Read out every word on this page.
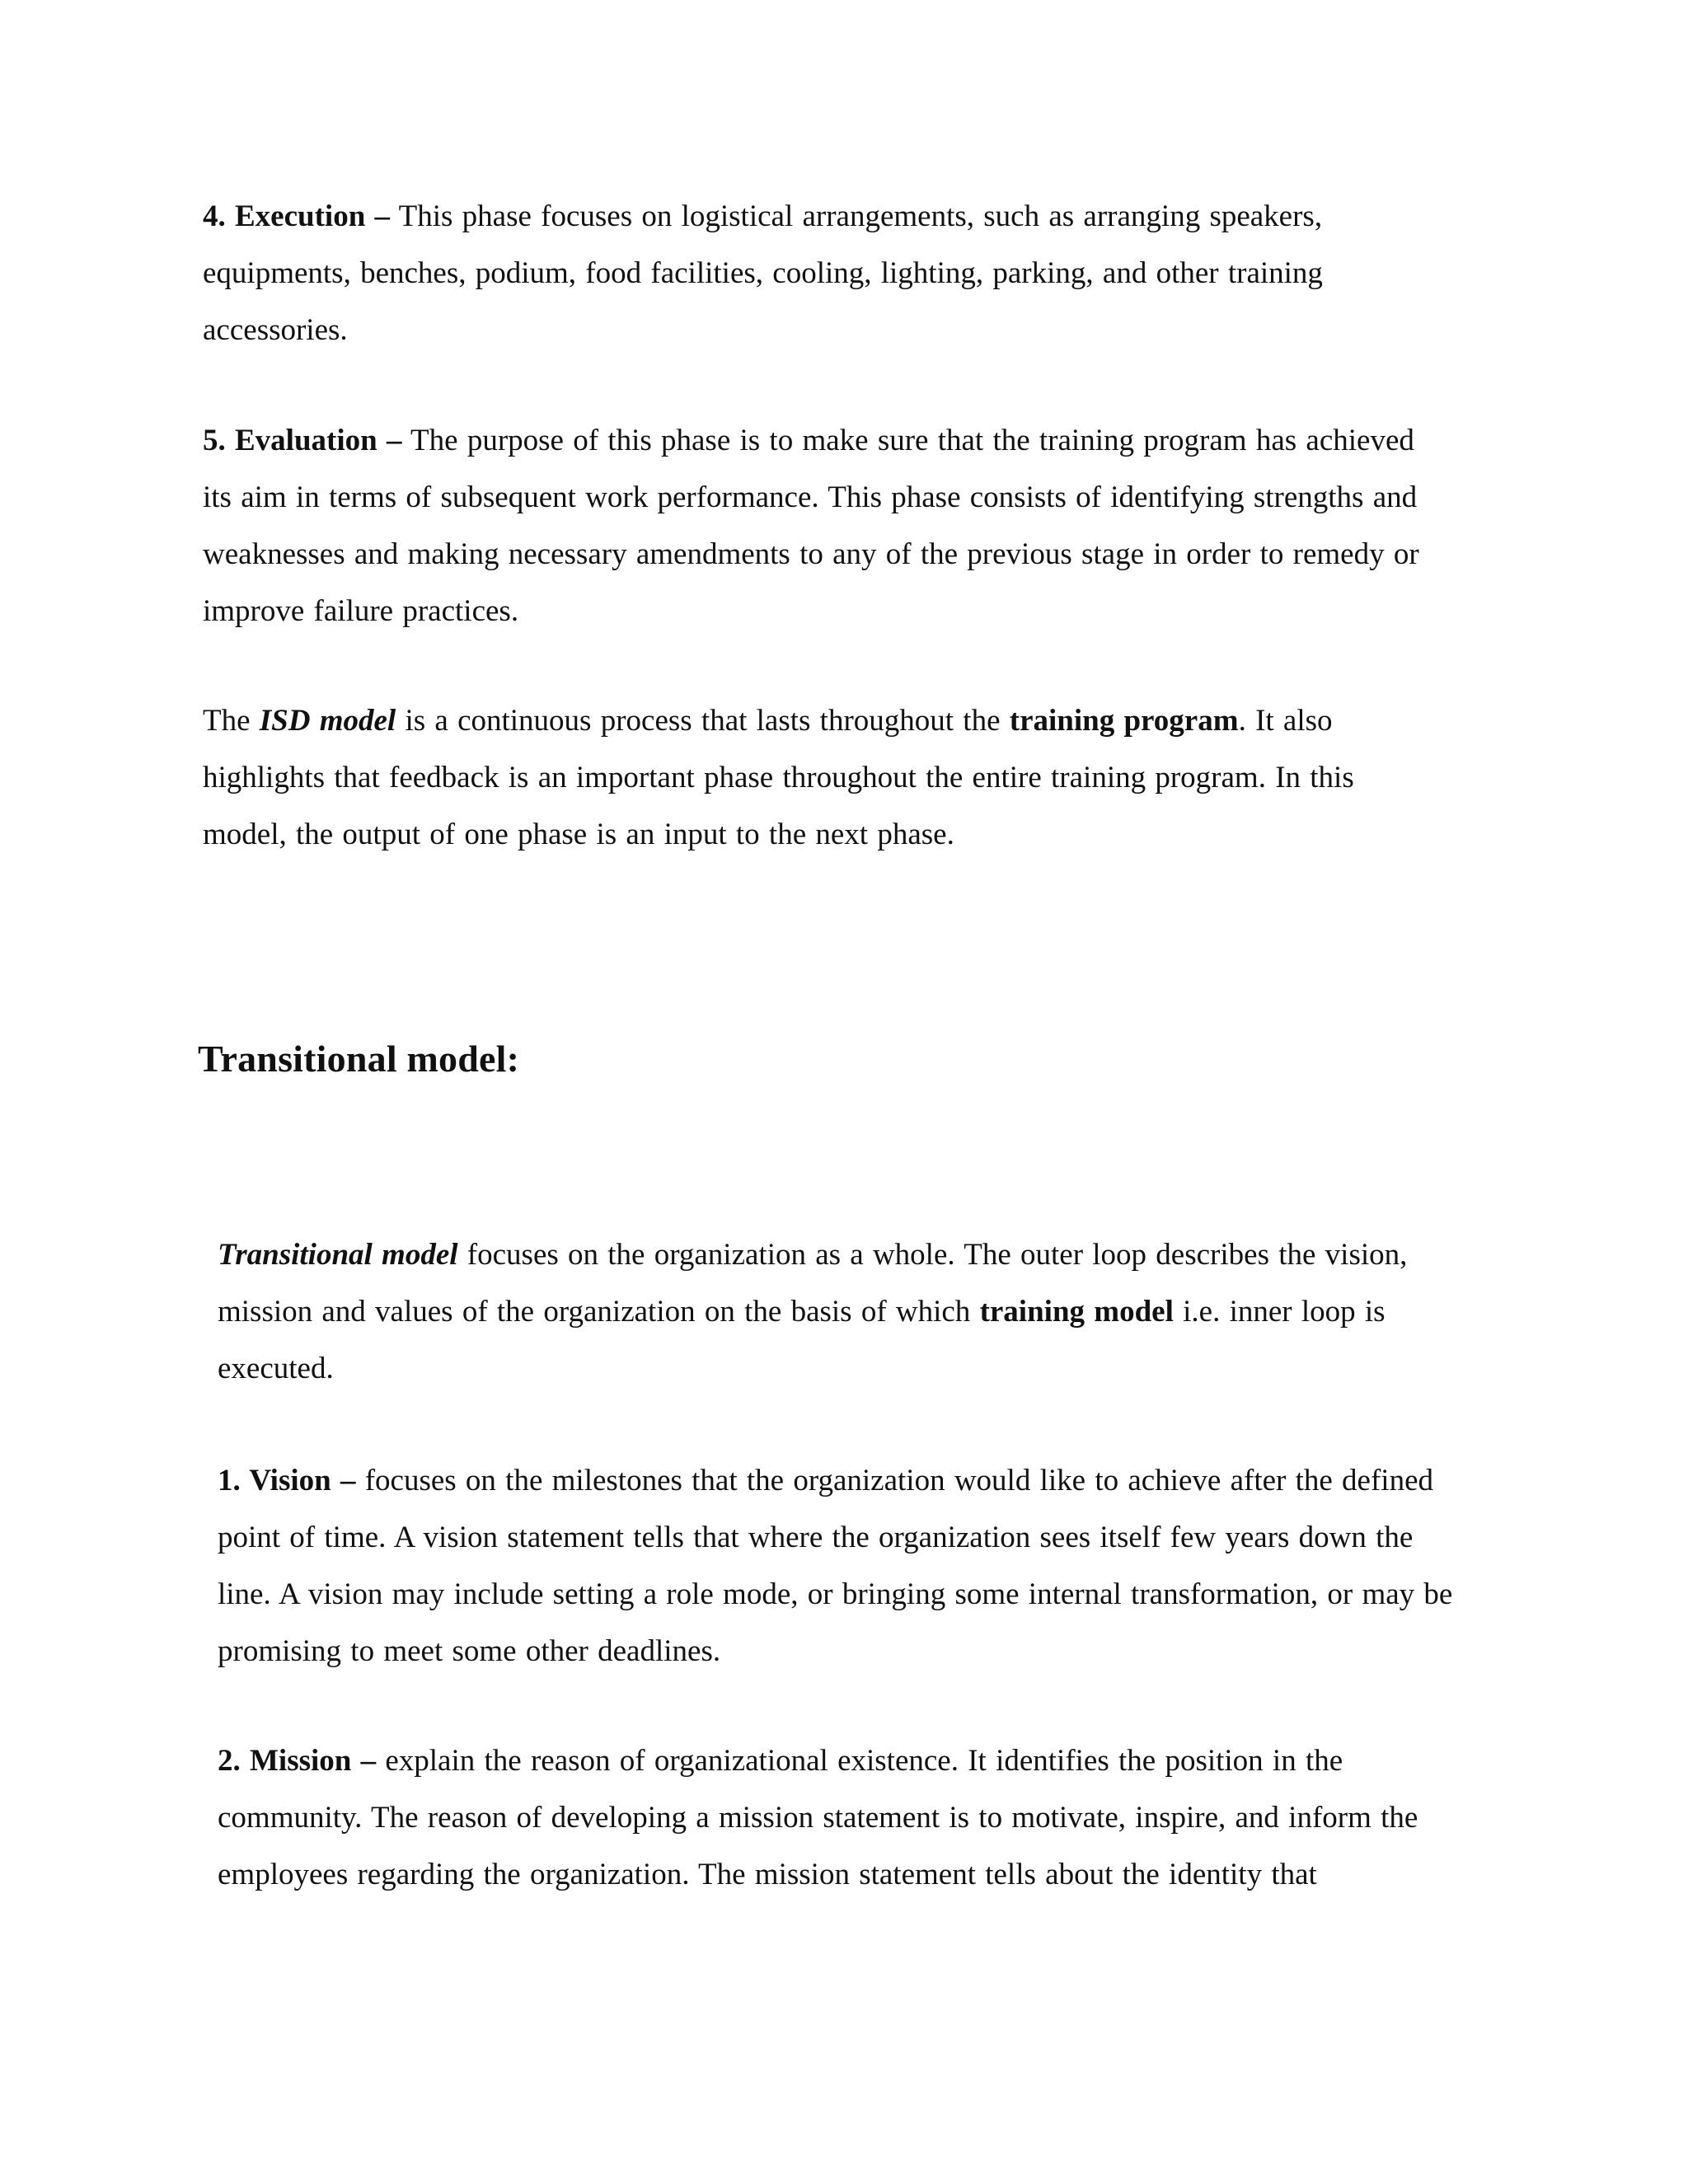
4. Execution – This phase focuses on logistical arrangements, such as arranging speakers, equipments, benches, podium, food facilities, cooling, lighting, parking, and other training accessories.

5. Evaluation – The purpose of this phase is to make sure that the training program has achieved its aim in terms of subsequent work performance. This phase consists of identifying strengths and weaknesses and making necessary amendments to any of the previous stage in order to remedy or improve failure practices.

The ISD model is a continuous process that lasts throughout the training program. It also highlights that feedback is an important phase throughout the entire training program. In this model, the output of one phase is an input to the next phase.

Transitional model:

Transitional model focuses on the organization as a whole. The outer loop describes the vision, mission and values of the organization on the basis of which training model i.e. inner loop is executed.

1. Vision – focuses on the milestones that the organization would like to achieve after the defined point of time. A vision statement tells that where the organization sees itself few years down the line. A vision may include setting a role mode, or bringing some internal transformation, or may be promising to meet some other deadlines.

2. Mission – explain the reason of organizational existence. It identifies the position in the community. The reason of developing a mission statement is to motivate, inspire, and inform the employees regarding the organization. The mission statement tells about the identity that
